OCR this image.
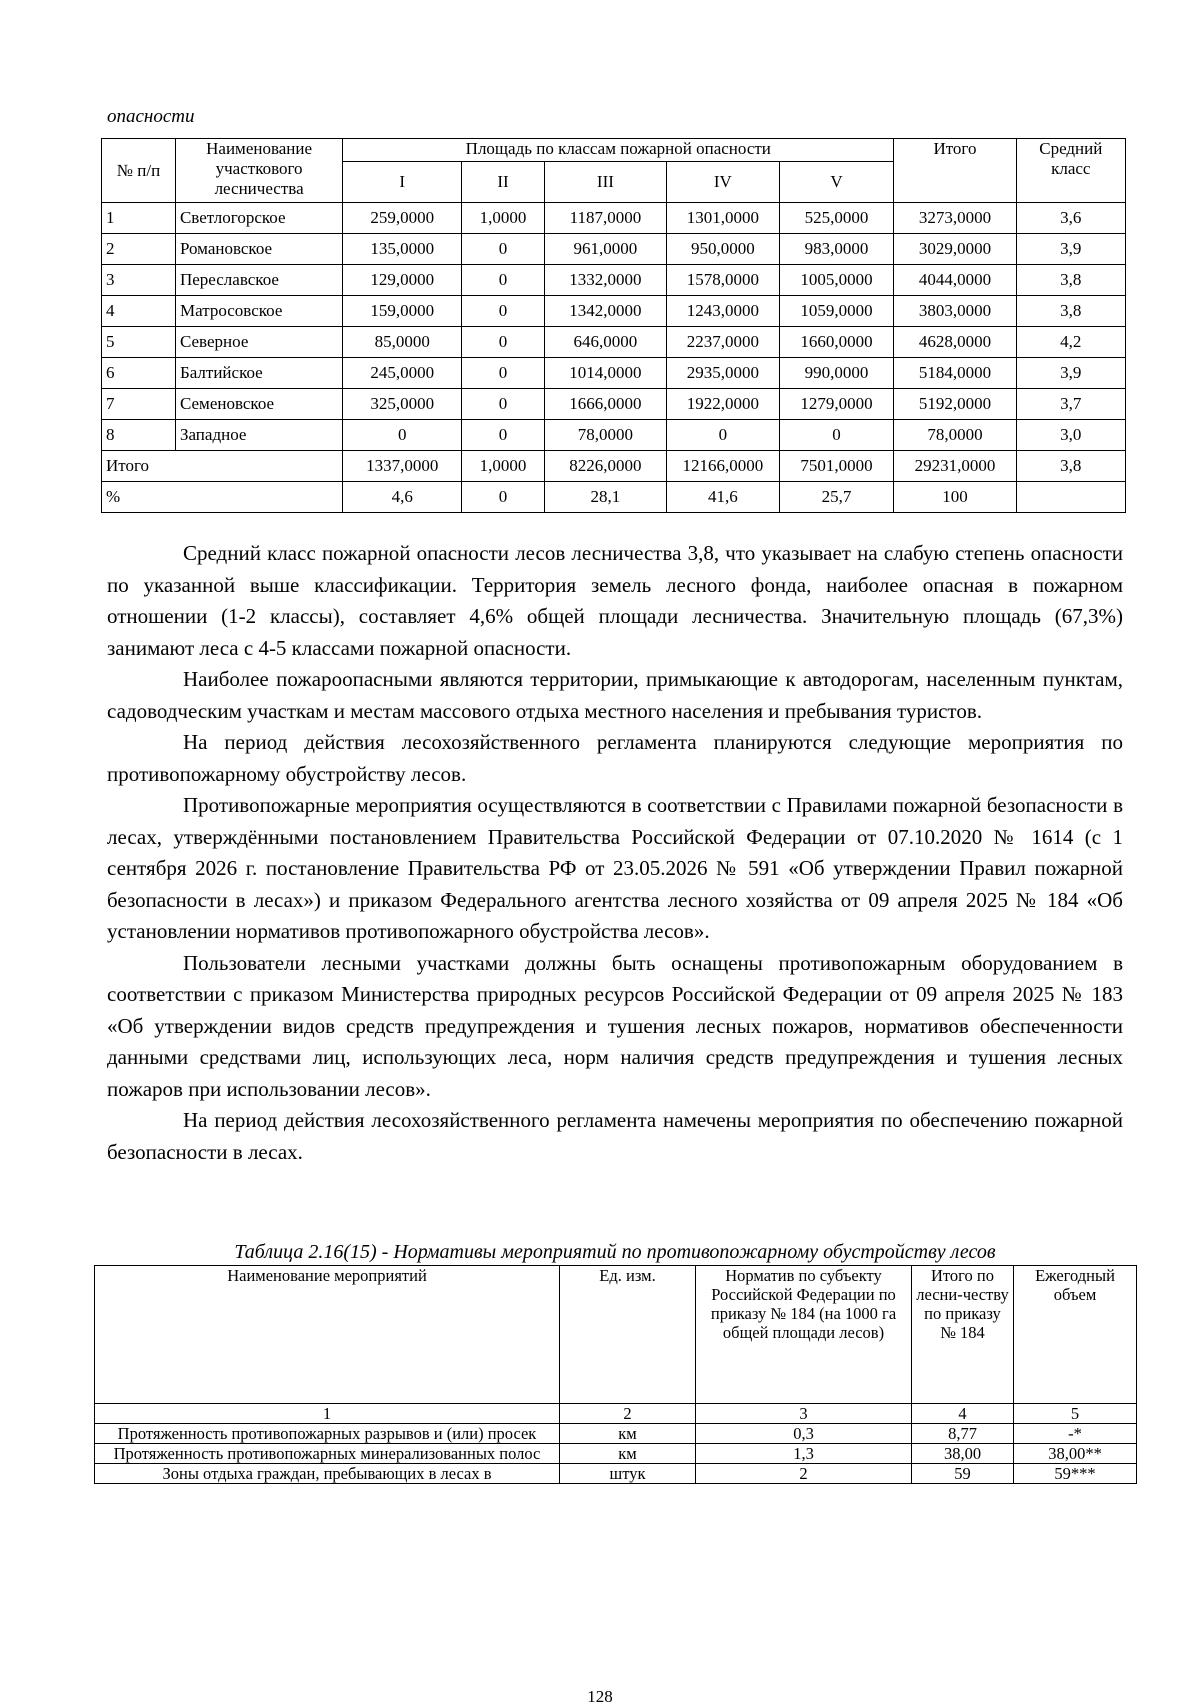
опасности
№ п/п	Наименование участкового лесничества	Площадь по классам пожарной опасности					Итого	Средний класс
		I	II	III	IV	V		
1	Светлогорское	259,0000	1,0000	1187,0000	1301,0000	525,0000	3273,0000	3,6
2	Романовское	135,0000	0	961,0000	950,0000	983,0000	3029,0000	3,9
3	Переславское	129,0000	0	1332,0000	1578,0000	1005,0000	4044,0000	3,8
4	Матросовское	159,0000	0	1342,0000	1243,0000	1059,0000	3803,0000	3,8
5	Северное	85,0000	0	646,0000	2237,0000	1660,0000	4628,0000	4,2
6	Балтийское	245,0000	0	1014,0000	2935,0000	990,0000	5184,0000	3,9
7	Семеновское	325,0000	0	1666,0000	1922,0000	1279,0000	5192,0000	3,7
8	Западное	0	0	78,0000	0	0	78,0000	3,0
Итого		1337,0000	1,0000	8226,0000	12166,0000	7501,0000	29231,0000	3,8
%		4,6	0	28,1	41,6	25,7	100	

Средний класс пожарной опасности лесов лесничества 3,8, что указывает на слабую степень опасности по указанной выше классификации. Территория земель лесного фонда, наиболее опасная в пожарном отношении (1-2 классы), составляет 4,6% общей площади лесничества. Значительную площадь (67,3%) занимают леса с 4-5 классами пожарной опасности.

Наиболее пожароопасными являются территории, примыкающие к автодорогам, населенным пунктам, садоводческим участкам и местам массового отдыха местного населения и пребывания туристов.

На период действия лесохозяйственного регламента планируются следующие мероприятия по противопожарному обустройству лесов.

Противопожарные мероприятия осуществляются в соответствии с Правилами пожарной безопасности в лесах, утверждёнными постановлением Правительства Российской Федерации от 07.10.2020 № 1614 (с 1 сентября 2026 г. постановление Правительства РФ от 23.05.2026 № 591 «Об утверждении Правил пожарной безопасности в лесах») и приказом Федерального агентства лесного хозяйства от 09 апреля 2025 № 184 «Об установлении нормативов противопожарного обустройства лесов».

Пользователи лесными участками должны быть оснащены противопожарным оборудованием в соответствии с приказом Министерства природных ресурсов Российской Федерации от 09 апреля 2025 № 183 «Об утверждении видов средств предупреждения и тушения лесных пожаров, нормативов обеспеченности данными средствами лиц, использующих леса, норм наличия средств предупреждения и тушения лесных пожаров при использовании лесов».

На период действия лесохозяйственного регламента намечены мероприятия по обеспечению пожарной безопасности в лесах.

Таблица 2.16(15) - Нормативы мероприятий по противопожарному обустройству лесов
Наименование мероприятий	Ед. изм.	Норматив по субъекту Российской Федерации по приказу № 184 (на 1000 га общей площади лесов)	Итого по лесни-честву по приказу № 184	Ежегодный объем
1	2	3	4	5
Протяженность противопожарных разрывов и (или) просек	км	0,3	8,77	-*
Протяженность противопожарных минерализованных полос	км	1,3	38,00	38,00**
Зоны отдыха граждан, пребывающих в лесах в	штук	2	59	59***
128
